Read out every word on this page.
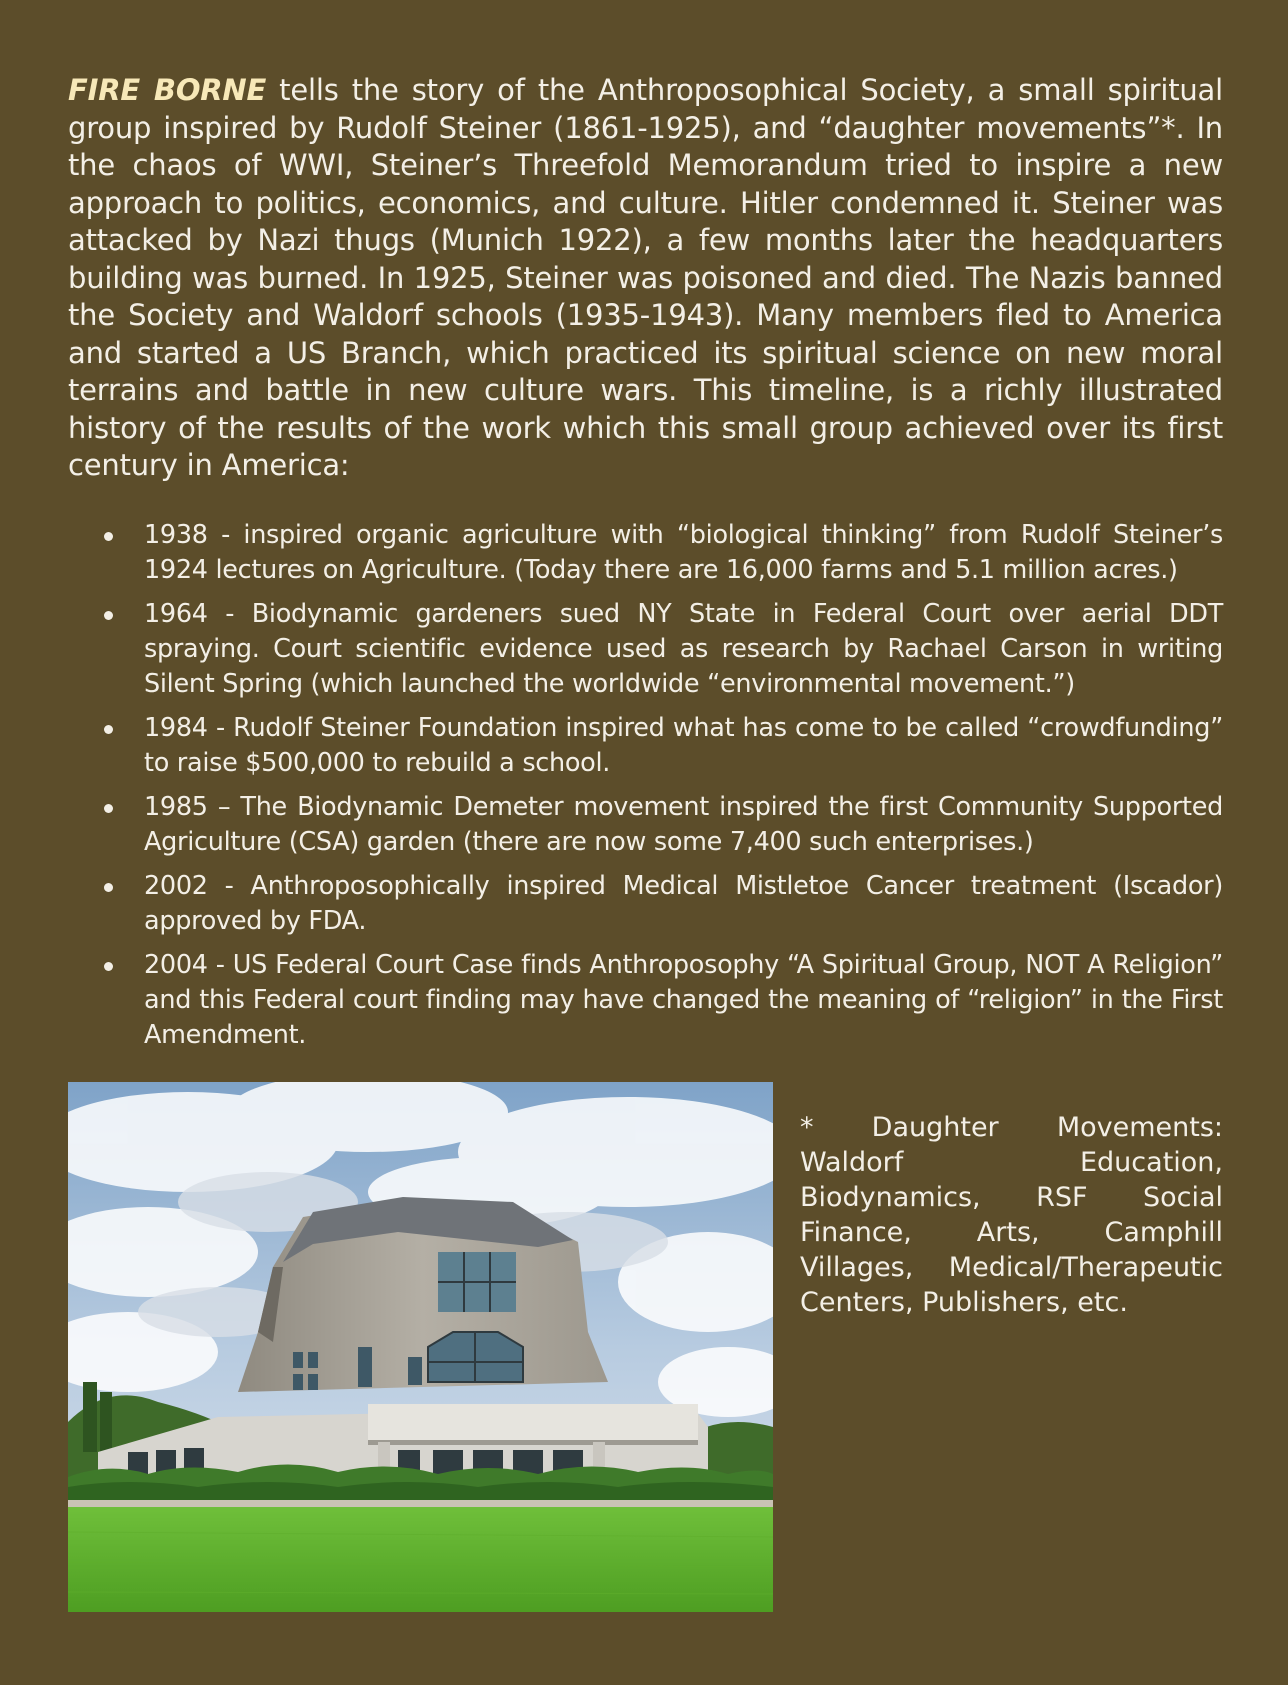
FIRE BORNE tells the story of the Anthroposophical Society, a small spiritual group inspired by Rudolf Steiner (1861-1925), and “daughter movements”*. In the chaos of WWI, Steiner’s Threefold Memorandum tried to inspire a new approach to politics, economics, and culture. Hitler condemned it. Steiner was attacked by Nazi thugs (Munich 1922), a few months later the headquarters building was burned. In 1925, Steiner was poisoned and died. The Nazis banned the Society and Waldorf schools (1935-1943). Many members fled to America and started a US Branch, which practiced its spiritual science on new moral terrains and battle in new culture wars. This timeline, is a richly illustrated history of the results of the work which this small group achieved over its first century in America:

1938 - inspired organic agriculture with “biological thinking” from Rudolf Steiner’s 1924 lectures on Agriculture. (Today there are 16,000 farms and 5.1 million acres.)
1964 - Biodynamic gardeners sued NY State in Federal Court over aerial DDT spraying. Court scientific evidence used as research by Rachael Carson in writing Silent Spring (which launched the worldwide “environmental movement.”)
1984 - Rudolf Steiner Foundation inspired what has come to be called “crowdfunding” to raise $500,000 to rebuild a school.
1985 – The Biodynamic Demeter movement inspired the first Community Supported Agriculture (CSA) garden (there are now some 7,400 such enterprises.)
2002 - Anthroposophically inspired Medical Mistletoe Cancer treatment (Iscador) approved by FDA.
2004 - US Federal Court Case finds Anthroposophy “A Spiritual Group, NOT A Religion” and this Federal court finding may have changed the meaning of “religion” in the First Amendment.

* Daughter Movements: Waldorf Education, Biodynamics, RSF Social Finance, Arts, Camphill Villages, Medical/Therapeutic Centers, Publishers, etc.
